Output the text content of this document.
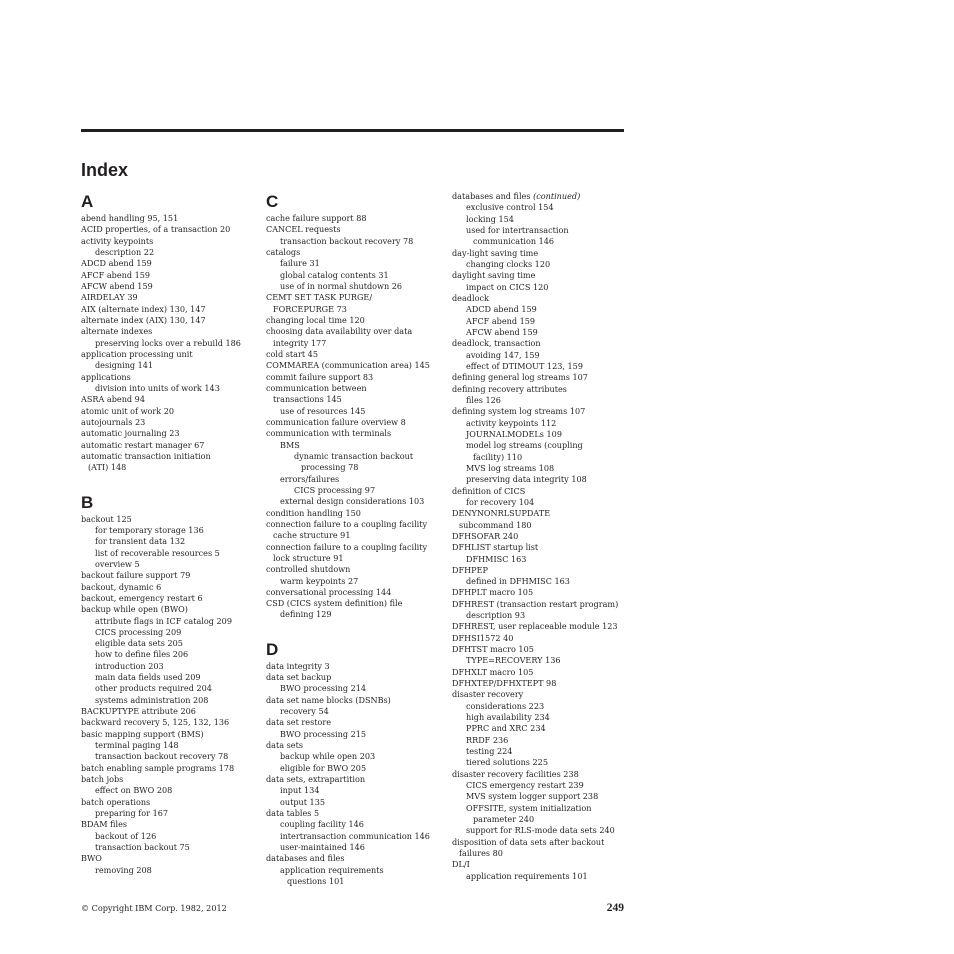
Index
A
abend handling 95, 151
ACID properties, of a transaction 20
activity keypoints
description 22
ADCD abend 159
AFCF abend 159
AFCW abend 159
AIRDELAY 39
AIX (alternate index) 130, 147
alternate index (AIX) 130, 147
alternate indexes
preserving locks over a rebuild 186
application processing unit
designing 141
applications
division into units of work 143
ASRA abend 94
atomic unit of work 20
autojournals 23
automatic journaling 23
automatic restart manager 67
automatic transaction initiation
(ATI) 148
B
backout 125
for temporary storage 136
for transient data 132
list of recoverable resources 5
overview 5
backout failure support 79
backout, dynamic 6
backout, emergency restart 6
backup while open (BWO)
attribute flags in ICF catalog 209
CICS processing 209
eligible data sets 205
how to define files 206
introduction 203
main data fields used 209
other products required 204
systems administration 208
BACKUPTYPE attribute 206
backward recovery 5, 125, 132, 136
basic mapping support (BMS)
terminal paging 148
transaction backout recovery 78
batch enabling sample programs 178
batch jobs
effect on BWO 208
batch operations
preparing for 167
BDAM files
backout of 126
transaction backout 75
BWO
removing 208
C
cache failure support 88
CANCEL requests
transaction backout recovery 78
catalogs
failure 31
global catalog contents 31
use of in normal shutdown 26
CEMT SET TASK PURGE/
FORCEPURGE 73
changing local time 120
choosing data availability over data
integrity 177
cold start 45
COMMAREA (communication area) 145
commit failure support 83
communication between
transactions 145
use of resources 145
communication failure overview 8
communication with terminals
BMS
dynamic transaction backout
processing 78
errors/failures
CICS processing 97
external design considerations 103
condition handling 150
connection failure to a coupling facility
cache structure 91
connection failure to a coupling facility
lock structure 91
controlled shutdown
warm keypoints 27
conversational processing 144
CSD (CICS system definition) file
defining 129
D
data integrity 3
data set backup
BWO processing 214
data set name blocks (DSNBs)
recovery 54
data set restore
BWO processing 215
data sets
backup while open 203
eligible for BWO 205
data sets, extrapartition
input 134
output 135
data tables 5
coupling facility 146
intertransaction communication 146
user-maintained 146
databases and files
application requirements
questions 101
databases and files (continued)
exclusive control 154
locking 154
used for intertransaction
communication 146
day-light saving time
changing clocks 120
daylight saving time
impact on CICS 120
deadlock
ADCD abend 159
AFCF abend 159
AFCW abend 159
deadlock, transaction
avoiding 147, 159
effect of DTIMOUT 123, 159
defining general log streams 107
defining recovery attributes
files 126
defining system log streams 107
activity keypoints 112
JOURNALMODELs 109
model log streams (coupling
facility) 110
MVS log streams 108
preserving data integrity 108
definition of CICS
for recovery 104
DENYNONRLSUPDATE
subcommand 180
DFHSOFAR 240
DFHLIST startup list
DFHMISC 163
DFHPEP
defined in DFHMISC 163
DFHPLT macro 105
DFHREST (transaction restart program)
description 93
DFHREST, user replaceable module 123
DFHSI1572 40
DFHTST macro 105
TYPE=RECOVERY 136
DFHXLT macro 105
DFHXTEP/DFHXTEPT 98
disaster recovery
considerations 223
high availability 234
PPRC and XRC 234
RRDF 236
testing 224
tiered solutions 225
disaster recovery facilities 238
CICS emergency restart 239
MVS system logger support 238
OFFSITE, system initialization
parameter 240
support for RLS-mode data sets 240
disposition of data sets after backout
failures 80
DL/I
application requirements 101
© Copyright IBM Corp. 1982, 2012	249
